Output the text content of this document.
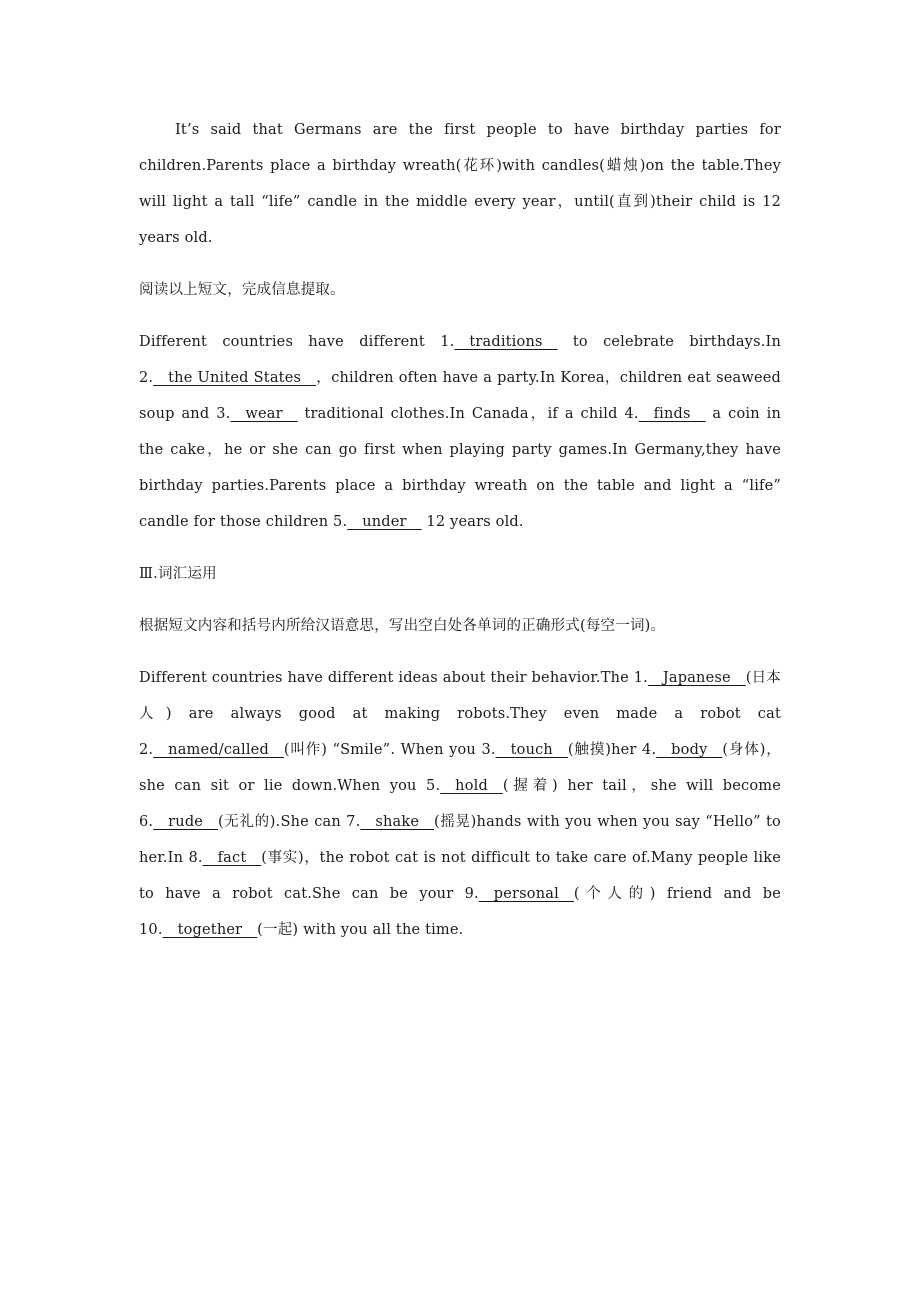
It’s said that Germans are the first people to have birthday parties for children.Parents place a birthday wreath(花环)with candles(蜡烛)on the table.They will light a tall “life” candle in the middle every year，until(直到)their child is 12 years old.

阅读以上短文，完成信息提取。

Different countries have different 1.__traditions__ to celebrate birthdays.In 2.__the United States__，children often have a party.In Korea，children eat seaweed soup and 3.__wear__ traditional clothes.In Canada，if a child 4.__finds__ a coin in the cake，he or she can go first when playing party games.In Germany,they have birthday parties.Parents place a birthday wreath on the table and light a “life” candle for those children 5.__under__ 12 years old.

Ⅲ.词汇运用

根据短文内容和括号内所给汉语意思，写出空白处各单词的正确形式(每空一词)。

Different countries have different ideas about their behavior.The 1.__Japanese__(日本人) are always good at making robots.They even made a robot cat 2.__named/called__(叫作) “Smile”. When you 3.__touch__(触摸)her 4.__body__(身体)，she can sit or lie down.When you 5.__hold__(握着) her tail，she will become 6.__rude__(无礼的).She can 7.__shake__(摇晃)hands with you when you say “Hello” to her.In 8.__fact__(事实)，the robot cat is not difficult to take care of.Many people like to have a robot cat.She can be your 9.__personal__(个人的) friend and be 10.__together__(一起) with you all the time.
